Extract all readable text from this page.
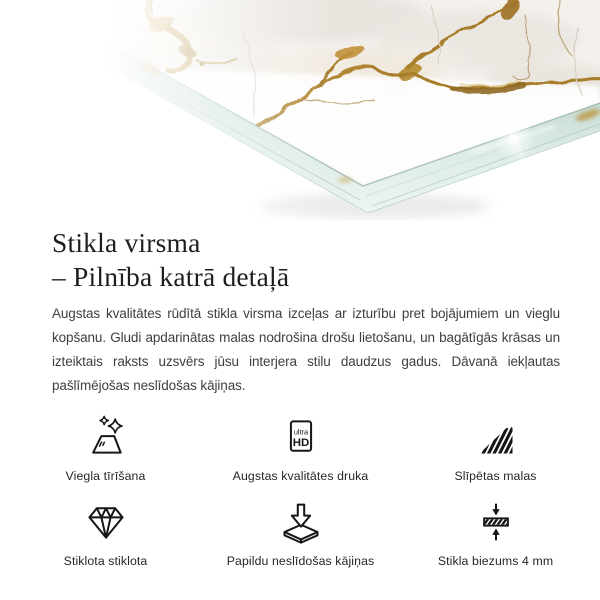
Stikla virsma
– Pilnība katrā detaļā

Augstas kvalitātes rūdītā stikla virsma izceļas ar izturību pret bojājumiem un vieglu kopšanu. Gludi apdarinātas malas nodrošina drošu lietošanu, un bagātīgās krāsas un izteiktais raksts uzsvērs jūsu interjera stilu daudzus gadus. Dāvanā iekļautas pašlīmējošas neslīdošas kājiņas.

Viegla tīrīšana
ultra
HD
Augstas kvalitātes druka	Slīpētas malas
Stiklota stiklota	Papildu neslīdošas kājiņas	Stikla biezums 4 mm
